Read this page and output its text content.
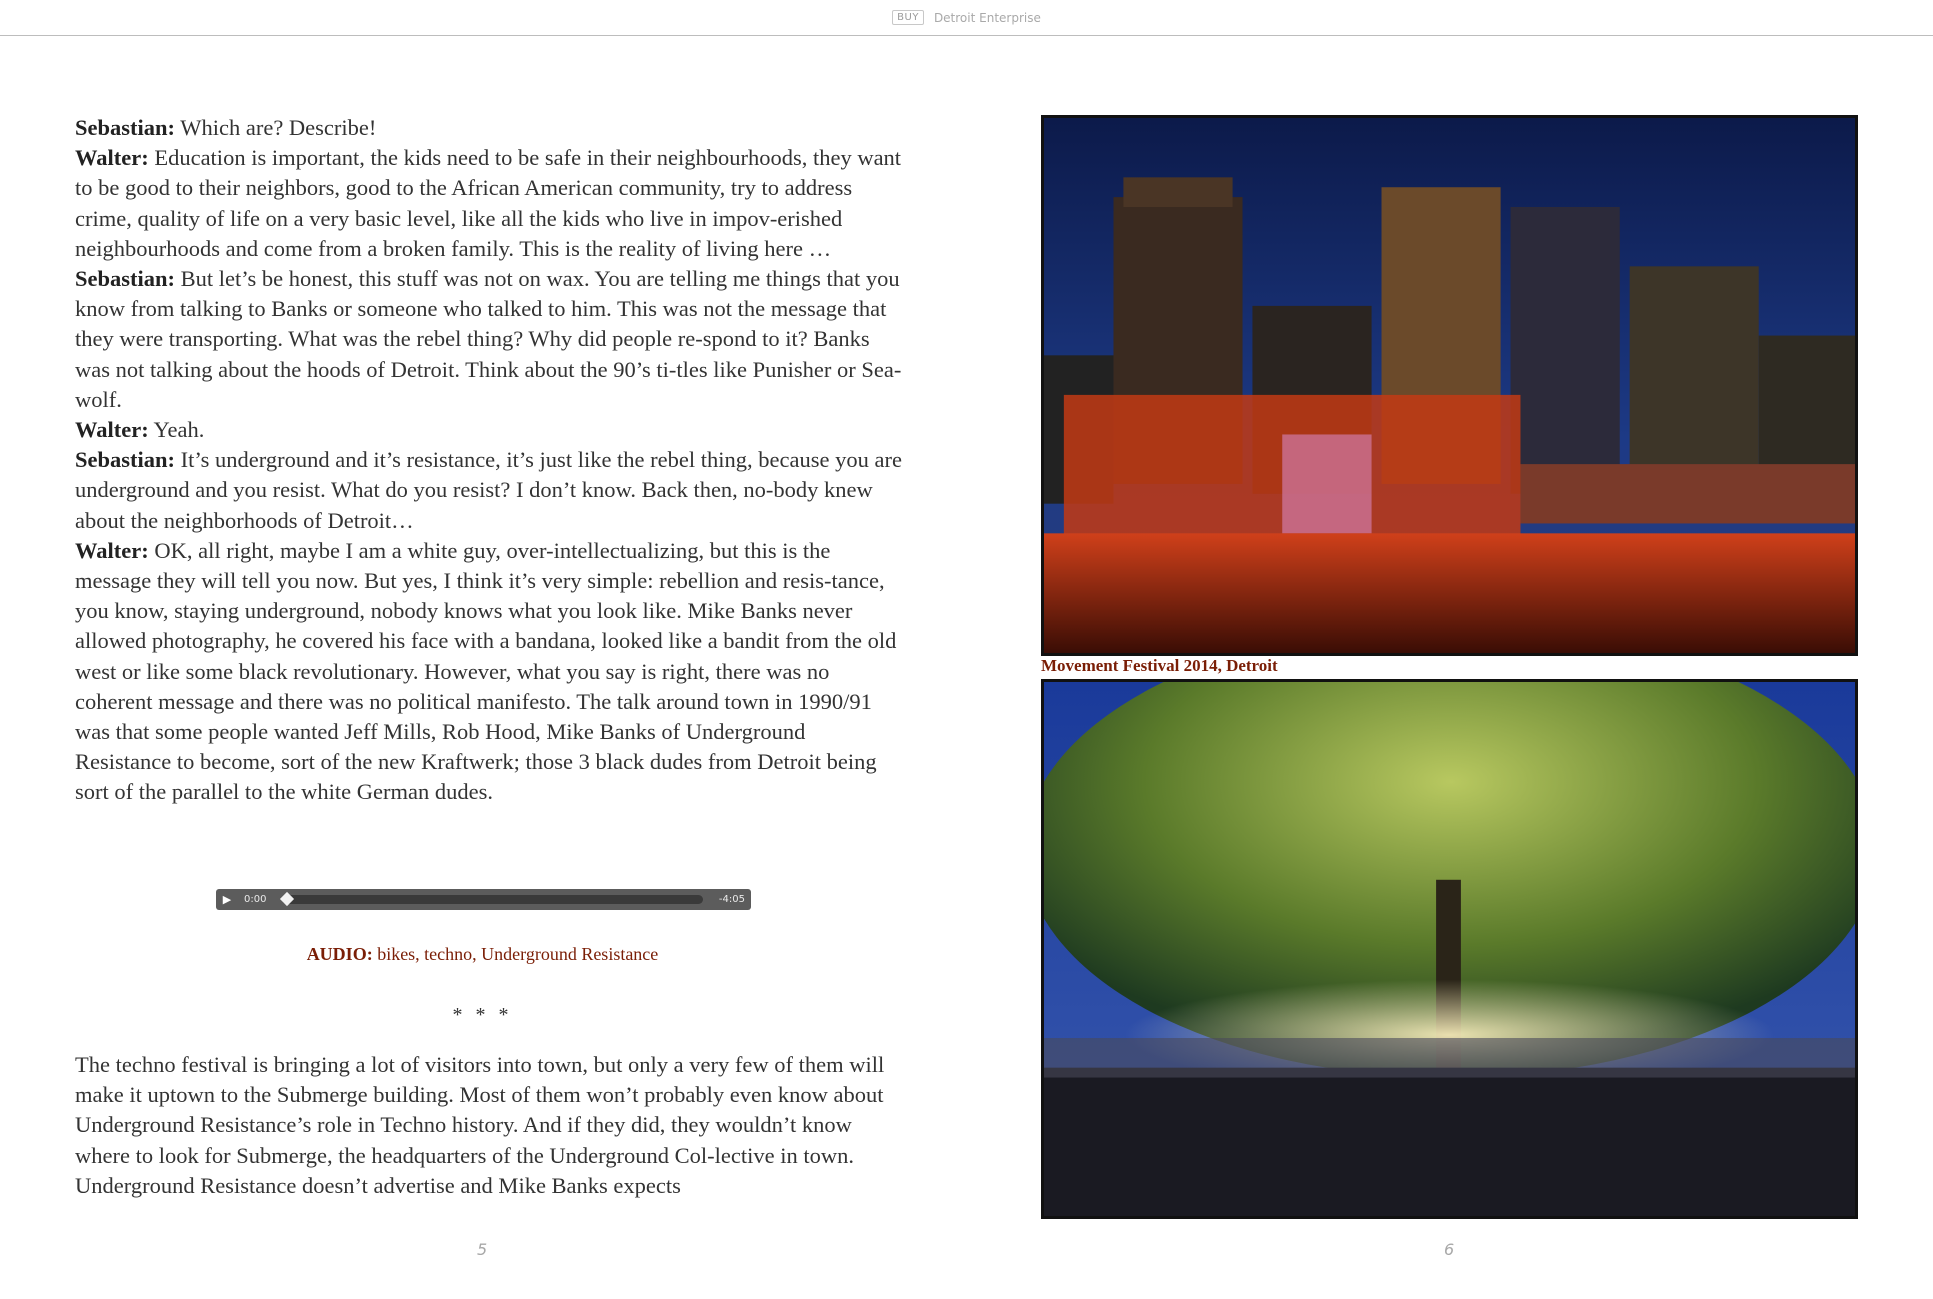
BUY	Detroit Enterprise

Sebastian: Which are? Describe!

Walter: Education is important, the kids need to be safe in their neighbourhoods, they want to be good to their neighbors, good to the African American community, try to address crime, quality of life on a very basic level, like all the kids who live in impov-erished neighbourhoods and come from a broken family. This is the reality of living here …

Sebastian: But let’s be honest, this stuff was not on wax. You are telling me things that you know from talking to Banks or someone who talked to him. This was not the message that they were transporting. What was the rebel thing? Why did people re-spond to it? Banks was not talking about the hoods of Detroit. Think about the 90’s ti-tles like Punisher or Sea-wolf.

Walter: Yeah.

Sebastian: It’s underground and it’s resistance, it’s just like the rebel thing, because you are underground and you resist. What do you resist? I don’t know. Back then, no-body knew about the neighborhoods of Detroit…

Walter: OK, all right, maybe I am a white guy, over-intellectualizing, but this is the message they will tell you now. But yes, I think it’s very simple: rebellion and resis-tance, you know, staying underground, nobody knows what you look like. Mike Banks never allowed photography, he covered his face with a bandana, looked like a bandit from the old west or like some black revolutionary. However, what you say is right, there was no coherent message and there was no political manifesto. The talk around town in 1990/91 was that some people wanted Jeff Mills, Rob Hood, Mike Banks of Underground Resistance to become, sort of the new Kraftwerk; those 3 black dudes from Detroit being sort of the parallel to the white German dudes.

▶	0:00	-4:05
AUDIO: bikes, techno, Underground Resistance
* * *
The techno festival is bringing a lot of visitors into town, but only a very few of them will make it uptown to the Submerge building. Most of them won’t probably even know about Underground Resistance’s role in Techno history. And if they did, they wouldn’t know where to look for Submerge, the headquarters of the Underground Col-lective in town. Underground Resistance doesn’t advertise and Mike Banks expects
5
Movement Festival 2014, Detroit
6
